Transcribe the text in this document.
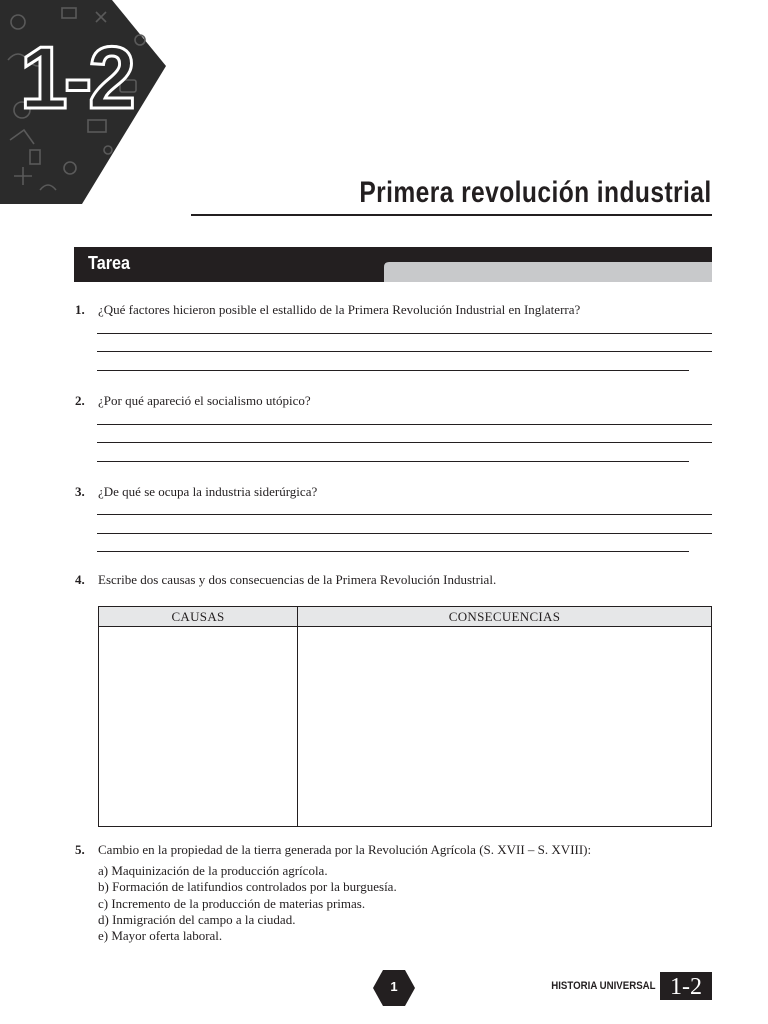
1-2
Primera revolución industrial
Tarea
1. ¿Qué factores hicieron posible el estallido de la Primera Revolución Industrial en Inglaterra?
2. ¿Por qué apareció el socialismo utópico?
3. ¿De qué se ocupa la industria siderúrgica?
4. Escribe dos causas y dos consecuencias de la Primera Revolución Industrial.
CAUSAS	CONSECUENCIAS

5. Cambio en la propiedad de la tierra generada por la Revolución Agrícola (S. XVII – S. XVIII):
a) Maquinización de la producción agrícola.
b) Formación de latifundios controlados por la burguesía.
c) Incremento de la producción de materias primas.
d) Inmigración del campo a la ciudad.
e) Mayor oferta laboral.
1	HISTORIA UNIVERSAL 1-2
